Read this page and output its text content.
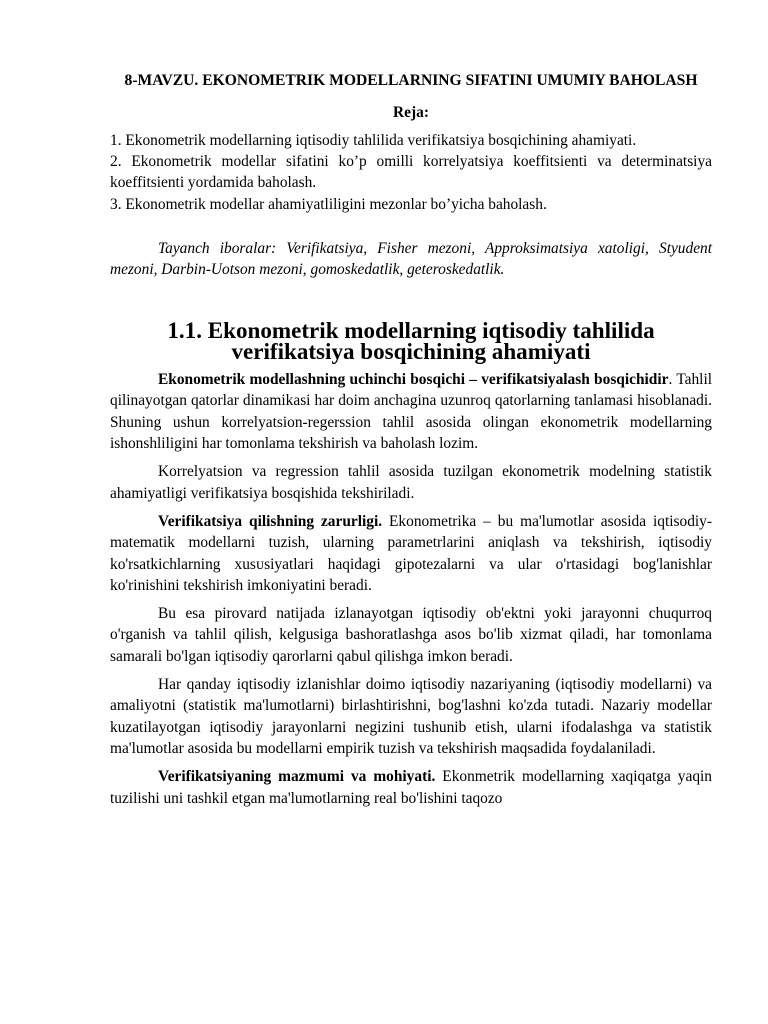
8-MAVZU. EKONOMETRIK MODELLARNING SIFATINI UMUMIY BAHOLASH
Reja:
1. Ekonometrik modellarning iqtisodiy tahlilida verifikatsiya bosqichining ahamiyati.
2. Ekonometrik modellar sifatini ko’p omilli korrelyatsiya koeffitsienti va determinatsiya koeffitsienti yordamida baholash.
3. Ekonometrik modellar ahamiyatliligini mezonlar bo’yicha baholash.

Tayanch iboralar: Verifikatsiya, Fisher mezoni, Approksimatsiya xatoligi, Styudent mezoni, Darbin-Uotson mezoni, gomoskedatlik, geteroskedatlik.

1.1. Ekonometrik modellarning iqtisodiy tahlilida verifikatsiya bosqichining ahamiyati

Ekonometrik modellashning uchinchi bosqichi – verifikatsiyalash bosqichidir. Tahlil qilinayotgan qatorlar dinamikasi har doim anchagina uzunroq qatorlarning tanlamasi hisoblanadi. Shuning ushun korrelyatsion-regerssion tahlil asosida olingan ekonometrik modellarning ishonshliligini har tomonlama tekshirish va baholash lozim.

Korrelyatsion va regression tahlil asosida tuzilgan ekonometrik modelning statistik ahamiyatligi verifikatsiya bosqishida tekshiriladi.

Verifikatsiya qilishning zarurligi. Ekonometrika – bu ma'lumotlar asosida iqtisodiy-matematik modellarni tuzish, ularning parametrlarini aniqlash va tekshirish, iqtisodiy ko'rsatkichlarning xusᴜsiyatlari haqidagi gipotezalarni va ular o'rtasidagi bog'lanishlar ko'rinishini tekshirish imkoniyatini beradi.

Bu esa pirovard natijada izlanayotgan iqtisodiy ob'ektni yoki jarayonni chuqurroq o'rganish va tahlil qilish, kelgusiga bashoratlashga asos bo'lib xizmat qiladi, har tomonlama samarali bo'lgan iqtisodiy qarorlarni qabul qilishga imkon beradi.

Har qanday iqtisodiy izlanishlar doimo iqtisodiy nazariyaning (iqtisodiy modellarni) va amaliyotni (statistik ma'lumotlarni) birlashtirishni, bog'lashni ko'zda tutadi. Nazariy modellar kuzatilayotgan iqtisodiy jarayonlarni negizini tushunib etish, ularni ifodalashga va statistik ma'lumotlar asosida bu modellarni empirik tuzish va tekshirish maqsadida foydalaniladi.

Verifikatsiyaning mazmumi va mohiyati. Ekonmetrik modellarning xaqiqatga yaqin tuzilishi uni tashkil etgan ma'lumotlarning real bo'lishini taqozo
